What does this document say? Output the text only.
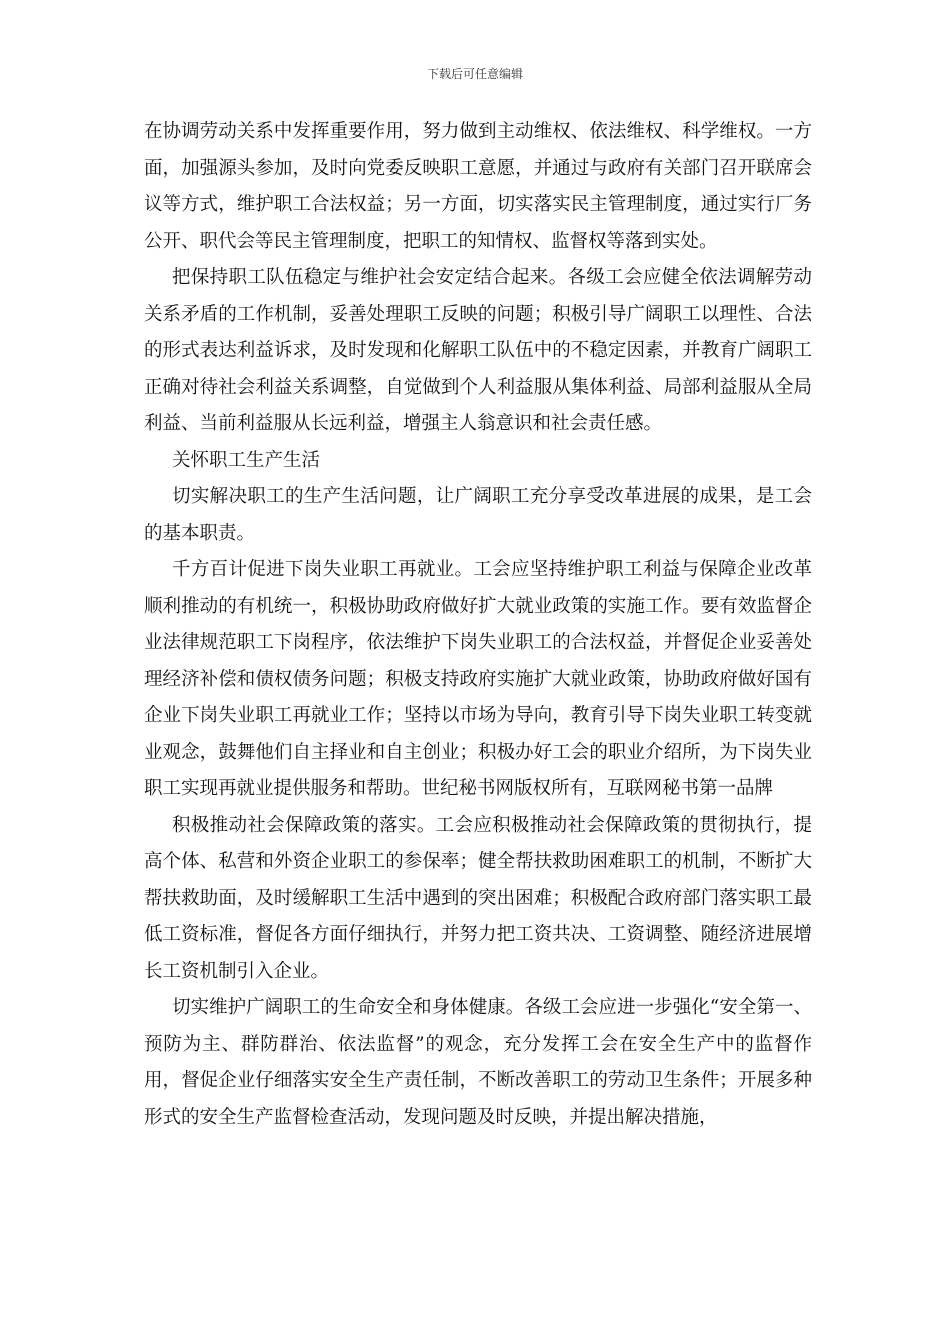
下载后可任意编辑

在协调劳动关系中发挥重要作用，努力做到主动维权、依法维权、科学维权。一方面，加强源头参加，及时向党委反映职工意愿，并通过与政府有关部门召开联席会议等方式，维护职工合法权益；另一方面，切实落实民主管理制度，通过实行厂务公开、职代会等民主管理制度，把职工的知情权、监督权等落到实处。

把保持职工队伍稳定与维护社会安定结合起来。各级工会应健全依法调解劳动关系矛盾的工作机制，妥善处理职工反映的问题；积极引导广阔职工以理性、合法的形式表达利益诉求，及时发现和化解职工队伍中的不稳定因素，并教育广阔职工正确对待社会利益关系调整，自觉做到个人利益服从集体利益、局部利益服从全局利益、当前利益服从长远利益，增强主人翁意识和社会责任感。

关怀职工生产生活

切实解决职工的生产生活问题，让广阔职工充分享受改革进展的成果，是工会的基本职责。

千方百计促进下岗失业职工再就业。工会应坚持维护职工利益与保障企业改革顺利推动的有机统一，积极协助政府做好扩大就业政策的实施工作。要有效监督企业法律规范职工下岗程序，依法维护下岗失业职工的合法权益，并督促企业妥善处理经济补偿和债权债务问题；积极支持政府实施扩大就业政策，协助政府做好国有企业下岗失业职工再就业工作；坚持以市场为导向，教育引导下岗失业职工转变就业观念，鼓舞他们自主择业和自主创业；积极办好工会的职业介绍所，为下岗失业职工实现再就业提供服务和帮助。世纪秘书网版权所有，互联网秘书第一品牌

积极推动社会保障政策的落实。工会应积极推动社会保障政策的贯彻执行，提高个体、私营和外资企业职工的参保率；健全帮扶救助困难职工的机制，不断扩大帮扶救助面，及时缓解职工生活中遇到的突出困难；积极配合政府部门落实职工最低工资标准，督促各方面仔细执行，并努力把工资共决、工资调整、随经济进展增长工资机制引入企业。

切实维护广阔职工的生命安全和身体健康。各级工会应进一步强化“安全第一、预防为主、群防群治、依法监督”的观念，充分发挥工会在安全生产中的监督作用，督促企业仔细落实安全生产责任制，不断改善职工的劳动卫生条件；开展多种形式的安全生产监督检查活动，发现问题及时反映，并提出解决措施，
